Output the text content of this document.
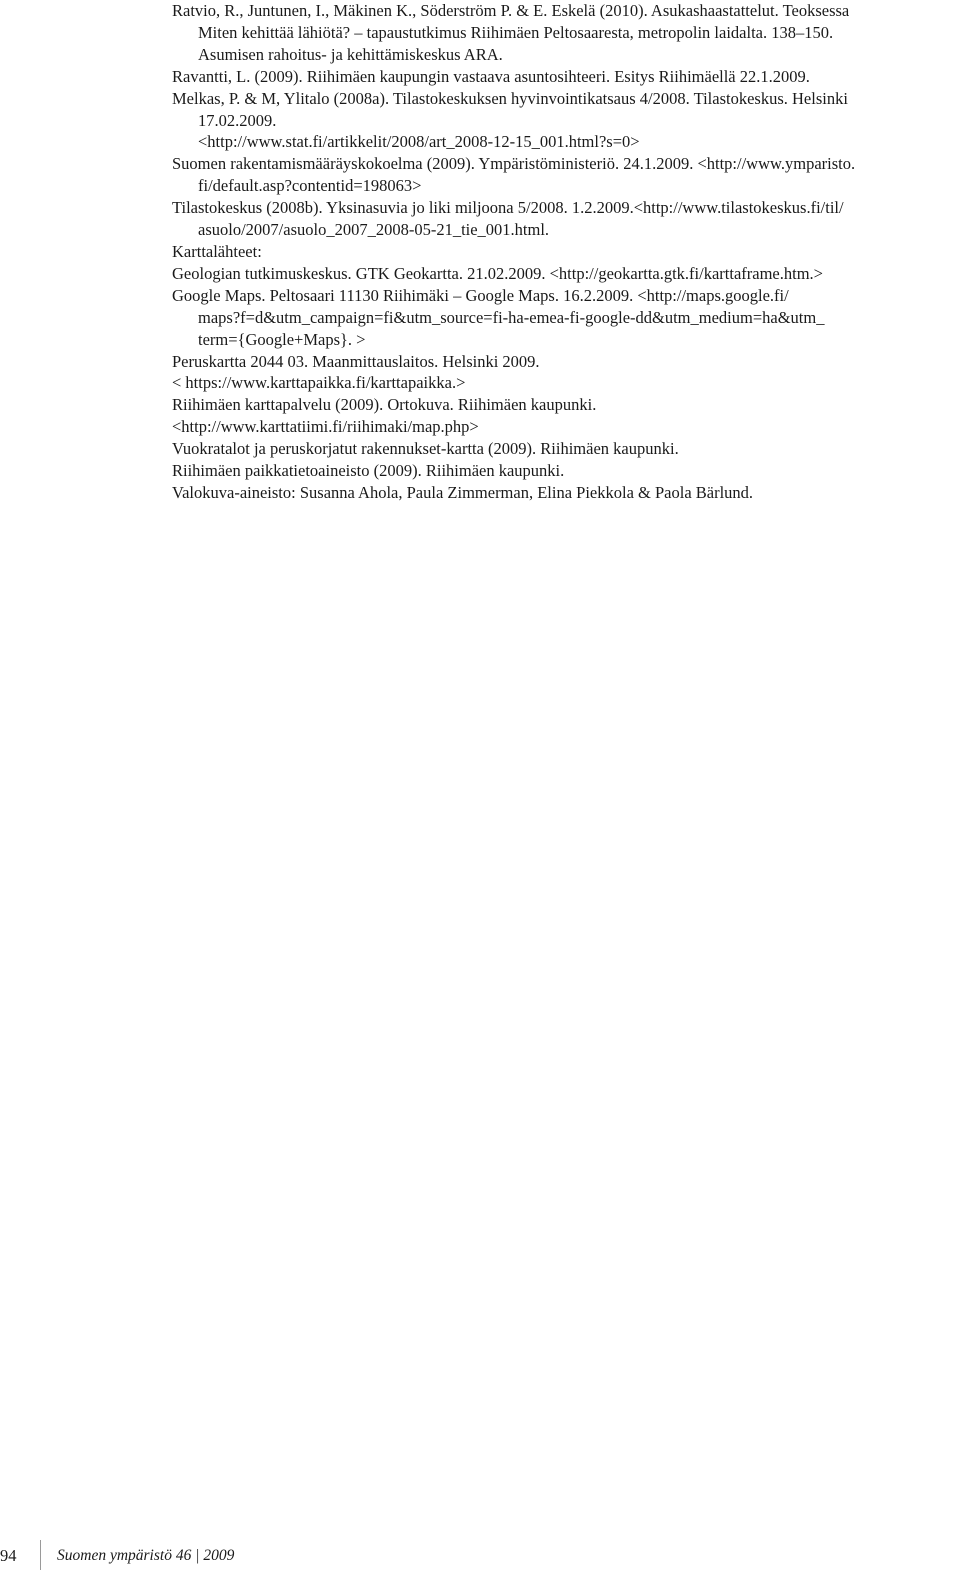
Ratvio, R., Juntunen, I., Mäkinen K., Söderström P. & E. Eskelä (2010). Asukashaastattelut. Teoksessa

Miten kehittää lähiötä? – tapaustutkimus Riihimäen Peltosaaresta, metropolin laidalta. 138–150.

Asumisen rahoitus- ja kehittämiskeskus ARA.

Ravantti, L. (2009). Riihimäen kaupungin vastaava asuntosihteeri. Esitys Riihimäellä 22.1.2009.

Melkas, P. & M, Ylitalo (2008a). Tilastokeskuksen hyvinvointikatsaus 4/2008. Tilastokeskus. Helsinki

17.02.2009.

<http://www.stat.fi/artikkelit/2008/art_2008-12-15_001.html?s=0>

Suomen rakentamismääräyskokoelma (2009). Ympäristöministeriö. 24.1.2009. <http://www.ymparisto.

fi/default.asp?contentid=198063>

Tilastokeskus (2008b). Yksinasuvia jo liki miljoona 5/2008. 1.2.2009.<http://www.tilastokeskus.fi/til/

asuolo/2007/asuolo_2007_2008-05-21_tie_001.html.

Karttalähteet:

Geologian tutkimuskeskus. GTK Geokartta. 21.02.2009. <http://geokartta.gtk.fi/karttaframe.htm.>

Google Maps. Peltosaari 11130 Riihimäki – Google Maps. 16.2.2009. <http://maps.google.fi/

maps?f=d&utm_campaign=fi&utm_source=fi-ha-emea-fi-google-dd&utm_medium=ha&utm_

term={Google+Maps}. >

Peruskartta 2044 03. Maanmittauslaitos. Helsinki 2009.

< https://www.karttapaikka.fi/karttapaikka.>

Riihimäen karttapalvelu (2009). Ortokuva. Riihimäen kaupunki.

<http://www.karttatiimi.fi/riihimaki/map.php>

Vuokratalot ja peruskorjatut rakennukset-kartta (2009). Riihimäen kaupunki.

Riihimäen paikkatietoaineisto (2009). Riihimäen kaupunki.

Valokuva-aineisto: Susanna Ahola, Paula Zimmerman, Elina Piekkola & Paola Bärlund.

94	Suomen ympäristö 46 | 2009
